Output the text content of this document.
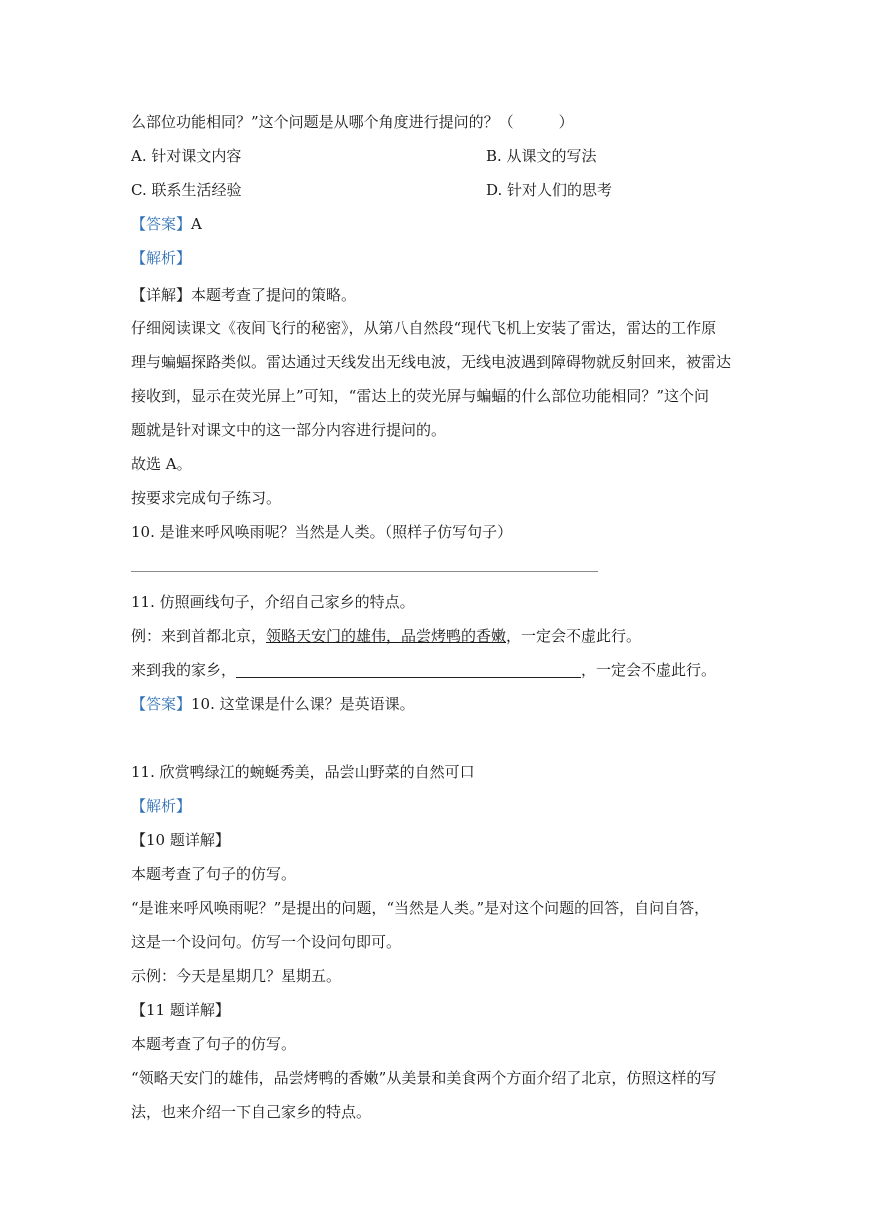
么部位功能相同？”这个问题是从哪个角度进行提问的？（　　　）
A. 针对课文内容	B. 从课文的写法
C. 联系生活经验	D. 针对人们的思考
【答案】A
【解析】
【详解】本题考查了提问的策略。
仔细阅读课文《夜间飞行的秘密》，从第八自然段“现代飞机上安装了雷达，雷达的工作原
理与蝙蝠探路类似。雷达通过天线发出无线电波，无线电波遇到障碍物就反射回来，被雷达
接收到，显示在荧光屏上”可知，“雷达上的荧光屏与蝙蝠的什么部位功能相同？”这个问
题就是针对课文中的这一部分内容进行提问的。
故选 A。
按要求完成句子练习。
10. 是谁来呼风唤雨呢？当然是人类。（照样子仿写句子）
11. 仿照画线句子，介绍自己家乡的特点。
例：来到首都北京，领略天安门的雄伟，品尝烤鸭的香嫩，一定会不虚此行。
来到我的家乡，	，一定会不虚此行。
【答案】10. 这堂课是什么课？是英语课。
11. 欣赏鸭绿江的蜿蜒秀美，品尝山野菜的自然可口
【解析】
【10 题详解】
本题考查了句子的仿写。
“是谁来呼风唤雨呢？”是提出的问题，“当然是人类。”是对这个问题的回答，自问自答，
这是一个设问句。仿写一个设问句即可。
示例：今天是星期几？星期五。
【11 题详解】
本题考查了句子的仿写。
“领略天安门的雄伟，品尝烤鸭的香嫩”从美景和美食两个方面介绍了北京，仿照这样的写
法，也来介绍一下自己家乡的特点。
